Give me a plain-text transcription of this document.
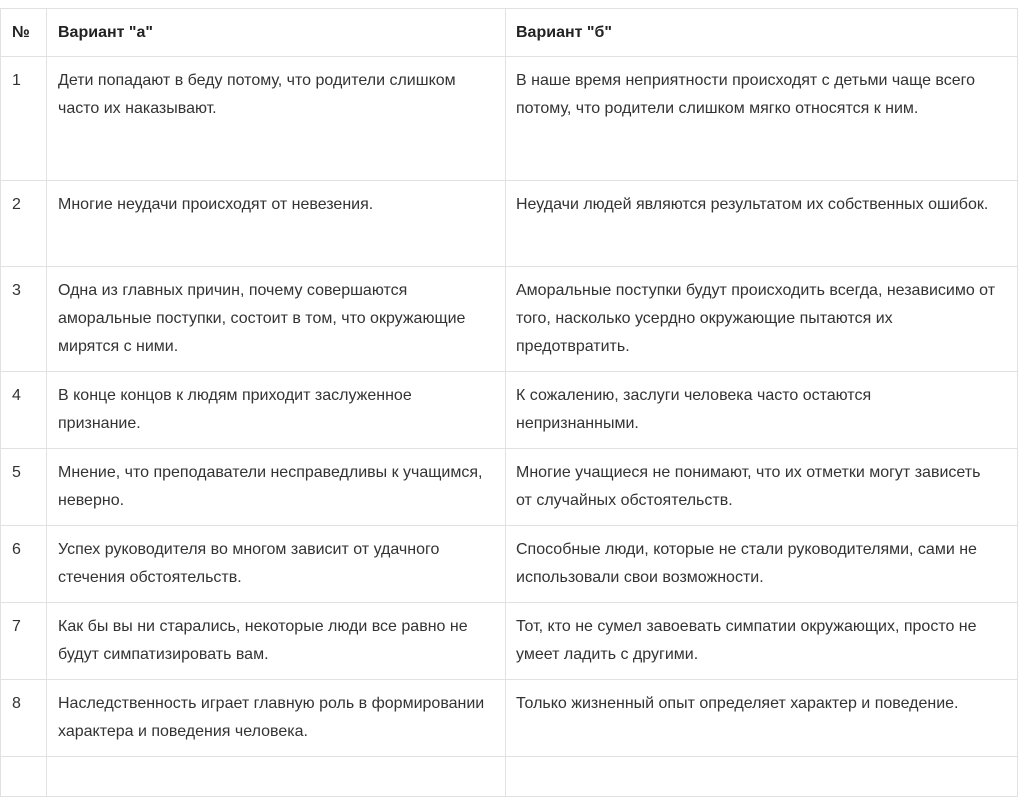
№	Вариант "а"	Вариант "б"
1	Дети попадают в беду потому, что родители слишком часто их наказывают.	В наше время неприятности происходят с детьми чаще всего потому, что родители слишком мягко относятся к ним.
2	Многие неудачи происходят от невезения.	Неудачи людей являются результатом их собственных ошибок.
3	Одна из главных причин, почему совершаются аморальные поступки, состоит в том, что окружающие мирятся с ними.	Аморальные поступки будут происходить всегда, независимо от того, насколько усердно окружающие пытаются их предотвратить.
4	В конце концов к людям приходит заслуженное признание.	К сожалению, заслуги человека часто остаются непризнанными.
5	Мнение, что преподаватели несправедливы к учащимся, неверно.	Многие учащиеся не понимают, что их отметки могут зависеть от случайных обстоятельств.
6	Успех руководителя во многом зависит от удачного стечения обстоятельств.	Способные люди, которые не стали руководителями, сами не использовали свои возможности.
7	Как бы вы ни старались, некоторые люди все равно не будут симпатизировать вам.	Тот, кто не сумел завоевать симпатии окружающих, просто не умеет ладить с другими.
8	Наследственность играет главную роль в формировании характера и поведения человека.	Только жизненный опыт определяет характер и поведение.
